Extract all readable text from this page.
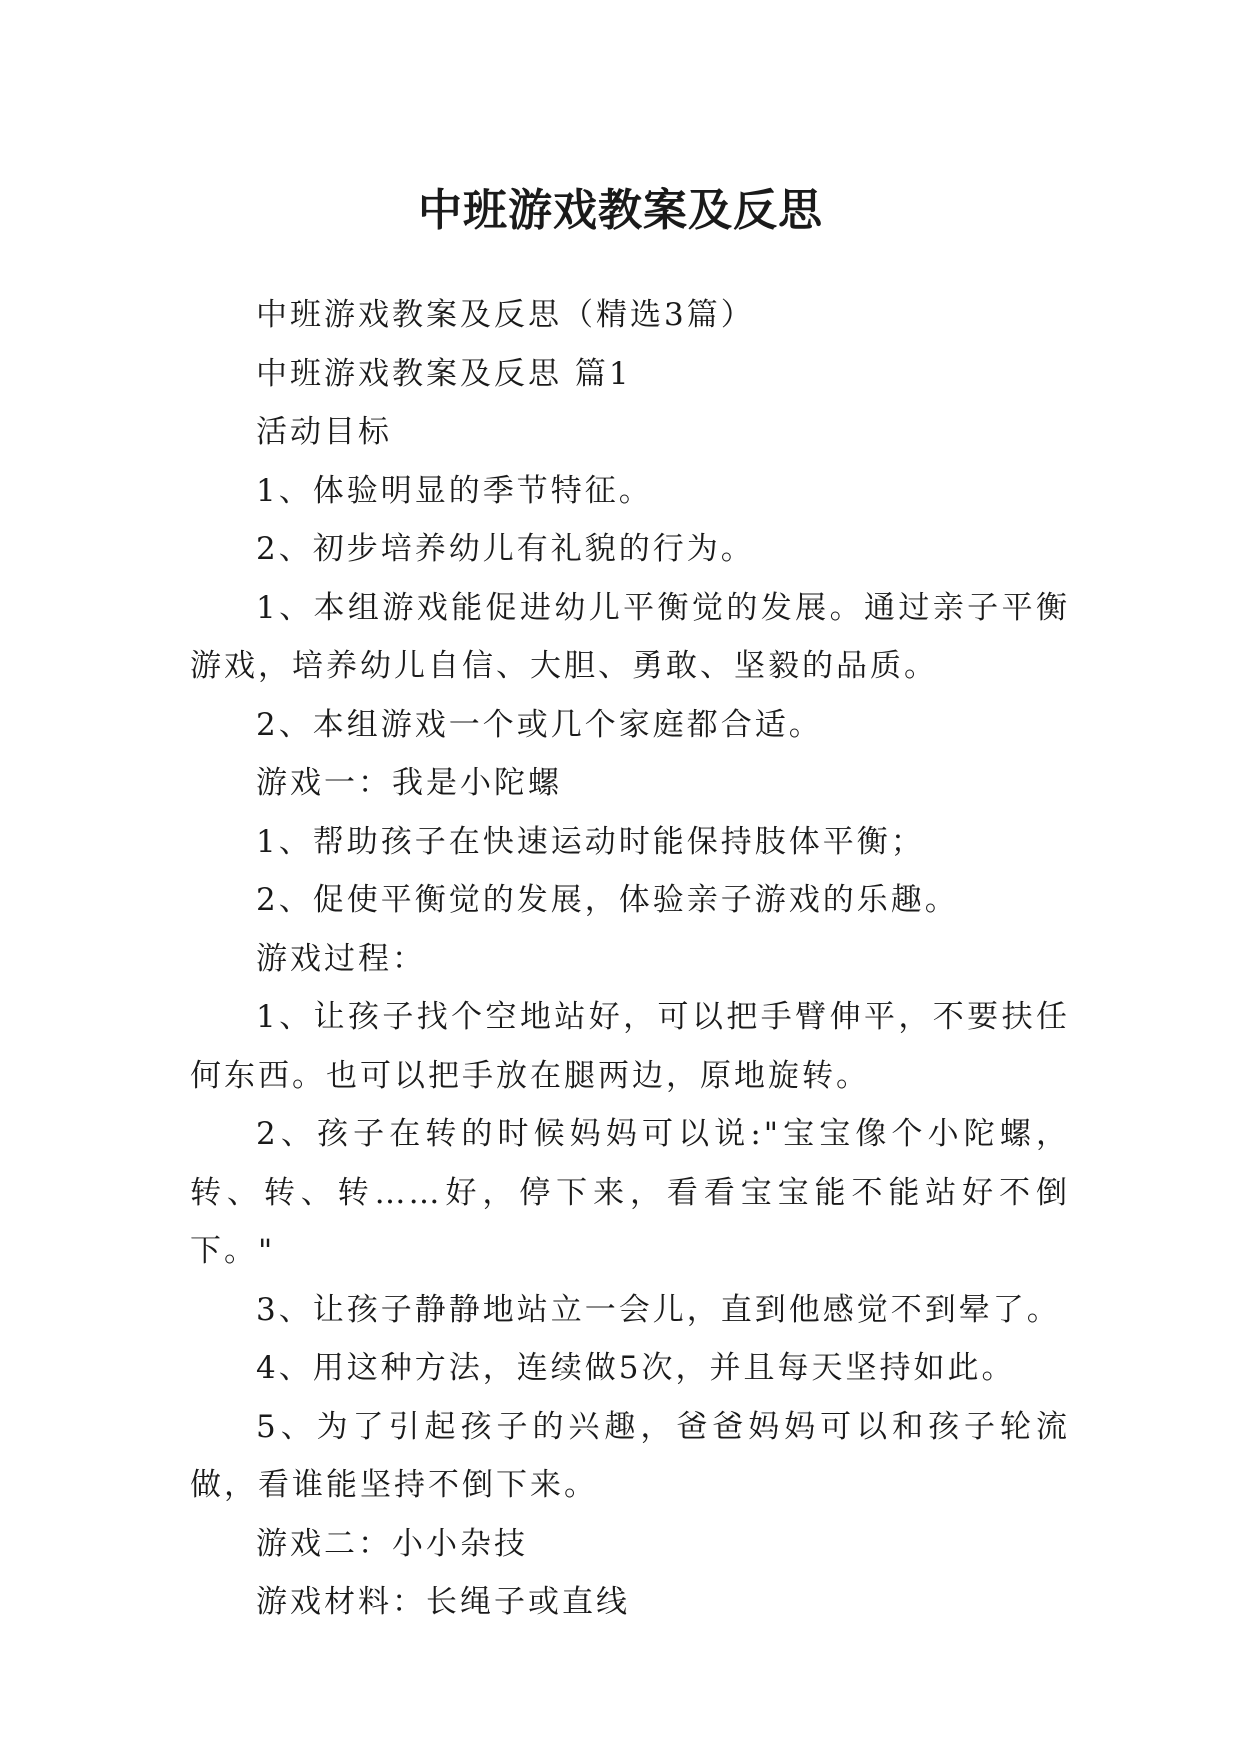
中班游戏教案及反思

中班游戏教案及反思（精选3篇）

中班游戏教案及反思 篇1

活动目标

1、体验明显的季节特征。

2、初步培养幼儿有礼貌的行为。

1、本组游戏能促进幼儿平衡觉的发展。通过亲子平衡游戏，培养幼儿自信、大胆、勇敢、坚毅的品质。

2、本组游戏一个或几个家庭都合适。

游戏一：我是小陀螺

1、帮助孩子在快速运动时能保持肢体平衡；

2、促使平衡觉的发展，体验亲子游戏的乐趣。

游戏过程：

1、让孩子找个空地站好，可以把手臂伸平，不要扶任何东西。也可以把手放在腿两边，原地旋转。

2、孩子在转的时候妈妈可以说:"宝宝像个小陀螺，转、转、转……好，停下来，看看宝宝能不能站好不倒下。"

3、让孩子静静地站立一会儿，直到他感觉不到晕了。

4、用这种方法，连续做5次，并且每天坚持如此。

5、为了引起孩子的兴趣，爸爸妈妈可以和孩子轮流做，看谁能坚持不倒下来。

游戏二：小小杂技

游戏材料：长绳子或直线
